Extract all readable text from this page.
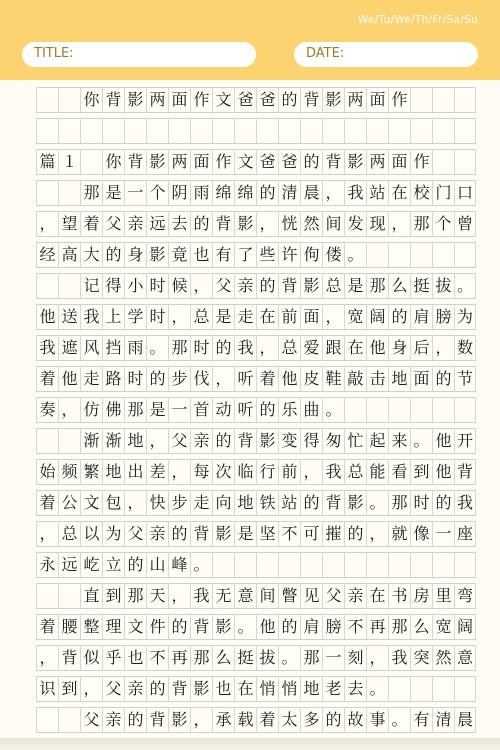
We/Tu/We/Th/Fr/Sa/Su
TITLE:	DATE:
你 背 影 两 面 作 文 爸 爸 的 背 影 两 面 作
篇 １ 你 背 影 两 面 作 文 爸 爸 的 背 影 两 面 作
那 是 一 个 阴 雨 绵 绵 的 清 晨 ， 我 站 在 校 门 口
， 望 着 父 亲 远 去 的 背 影 ， 恍 然 间 发 现 ， 那 个 曾
经 高 大 的 身 影 竟 也 有 了 些 许 佝 偻 。
记 得 小 时 候 ， 父 亲 的 背 影 总 是 那 么 挺 拔 。
他 送 我 上 学 时 ， 总 是 走 在 前 面 ， 宽 阔 的 肩 膀 为
我 遮 风 挡 雨 。 那 时 的 我 ， 总 爱 跟 在 他 身 后 ， 数
着 他 走 路 时 的 步 伐 ， 听 着 他 皮 鞋 敲 击 地 面 的 节
奏 ， 仿 佛 那 是 一 首 动 听 的 乐 曲 。
渐 渐 地 ， 父 亲 的 背 影 变 得 匆 忙 起 来 。 他 开
始 频 繁 地 出 差 ， 每 次 临 行 前 ， 我 总 能 看 到 他 背
着 公 文 包 ， 快 步 走 向 地 铁 站 的 背 影 。 那 时 的 我
， 总 以 为 父 亲 的 背 影 是 坚 不 可 摧 的 ， 就 像 一 座
永 远 屹 立 的 山 峰 。
直 到 那 天 ， 我 无 意 间 瞥 见 父 亲 在 书 房 里 弯
着 腰 整 理 文 件 的 背 影 。 他 的 肩 膀 不 再 那 么 宽 阔
， 背 似 乎 也 不 再 那 么 挺 拔 。 那 一 刻 ， 我 突 然 意
识 到 ， 父 亲 的 背 影 也 在 悄 悄 地 老 去 。
父 亲 的 背 影 ， 承 载 着 太 多 的 故 事 。 有 清 晨
